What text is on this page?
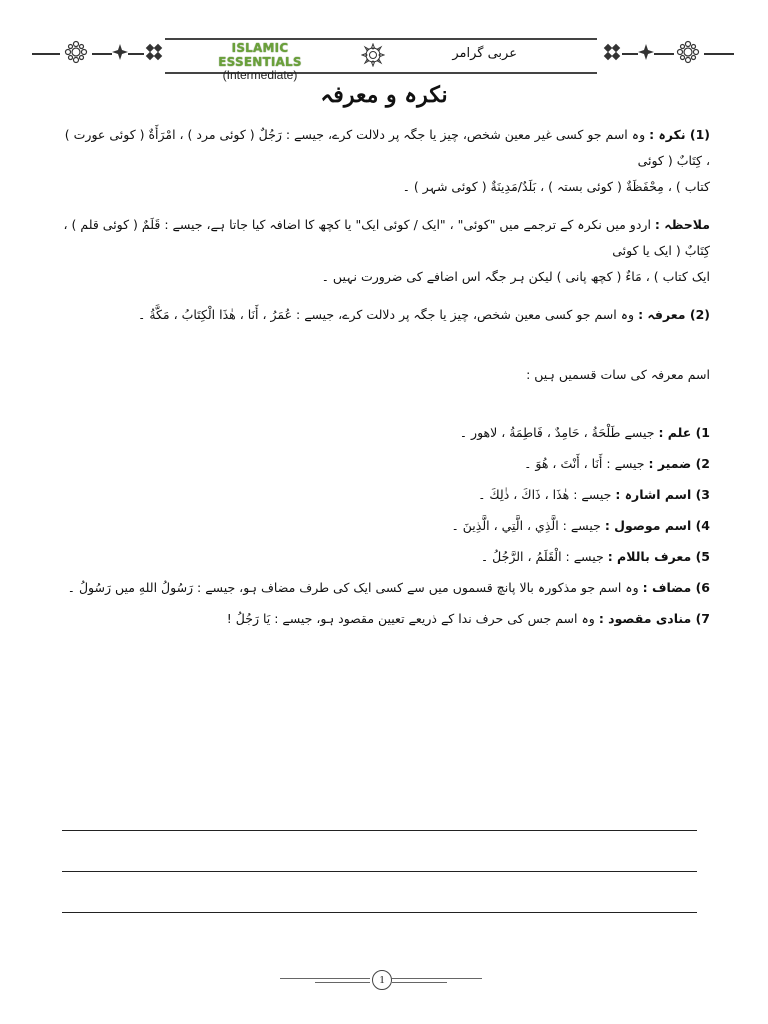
ISLAMIC ESSENTIALS
(Intermediate)
عربی گرامر
نکرہ و معرفہ
(1) نکرہ : وہ اسم جو کسی غیر معین شخص، چیز یا جگہ پر دلالت کرے، جیسے : رَجُلٌ ( کوئی مرد ) ، امْرَأَةٌ ( کوئی عورت ) ، كِتَابٌ ( کوئی
کتاب ) ، مِحْفَظَةٌ ( کوئی بستہ ) ، بَلَدٌ/مَدِينَةٌ ( کوئی شہر ) ۔
ملاحظہ : اردو میں نکرہ کے ترجمے میں "کوئی" ، "ایک / کوئی ایک" یا کچھ کا اضافہ کیا جاتا ہے، جیسے : قَلَمٌ ( کوئی قلم ) ، كِتَابٌ ( ایک یا کوئی
ایک کتاب ) ، مَاءٌ ( کچھ پانی ) لیکن ہر جگہ اس اضافے کی ضرورت نہیں ۔
(2) معرفہ : وہ اسم جو کسی معین شخص، چیز یا جگہ پر دلالت کرے، جیسے : عُمَرُ ، أَنَا ، هٰذَا الْكِتَابُ ، مَكَّةُ ۔
اسم معرفہ کی سات قسمیں ہیں :
1) علم : جیسے طَلْحَةُ ، حَامِدٌ ، فَاطِمَةُ ، لاهور ۔
2) ضمیر : جیسے : أَنَا ، أَنْتَ ، هُوَ ۔
3) اسم اشارہ : جیسے : هٰذَا ، ذَاكَ ، ذٰلِكَ ۔
4) اسم موصول : جیسے : الَّذِي ، الَّتِي ، الَّذِينَ ۔
5) معرف باللام : جیسے : الْقَلَمُ ، الرَّجُلُ ۔
6) مضاف : وہ اسم جو مذکورہ بالا پانچ قسموں میں سے کسی ایک کی طرف مضاف ہو، جیسے : رَسُولُ اللهِ میں رَسُولُ ۔
7) منادی مقصود : وہ اسم جس کی حرف ندا کے ذریعے تعیین مقصود ہو، جیسے : يَا رَجُلُ !
1
